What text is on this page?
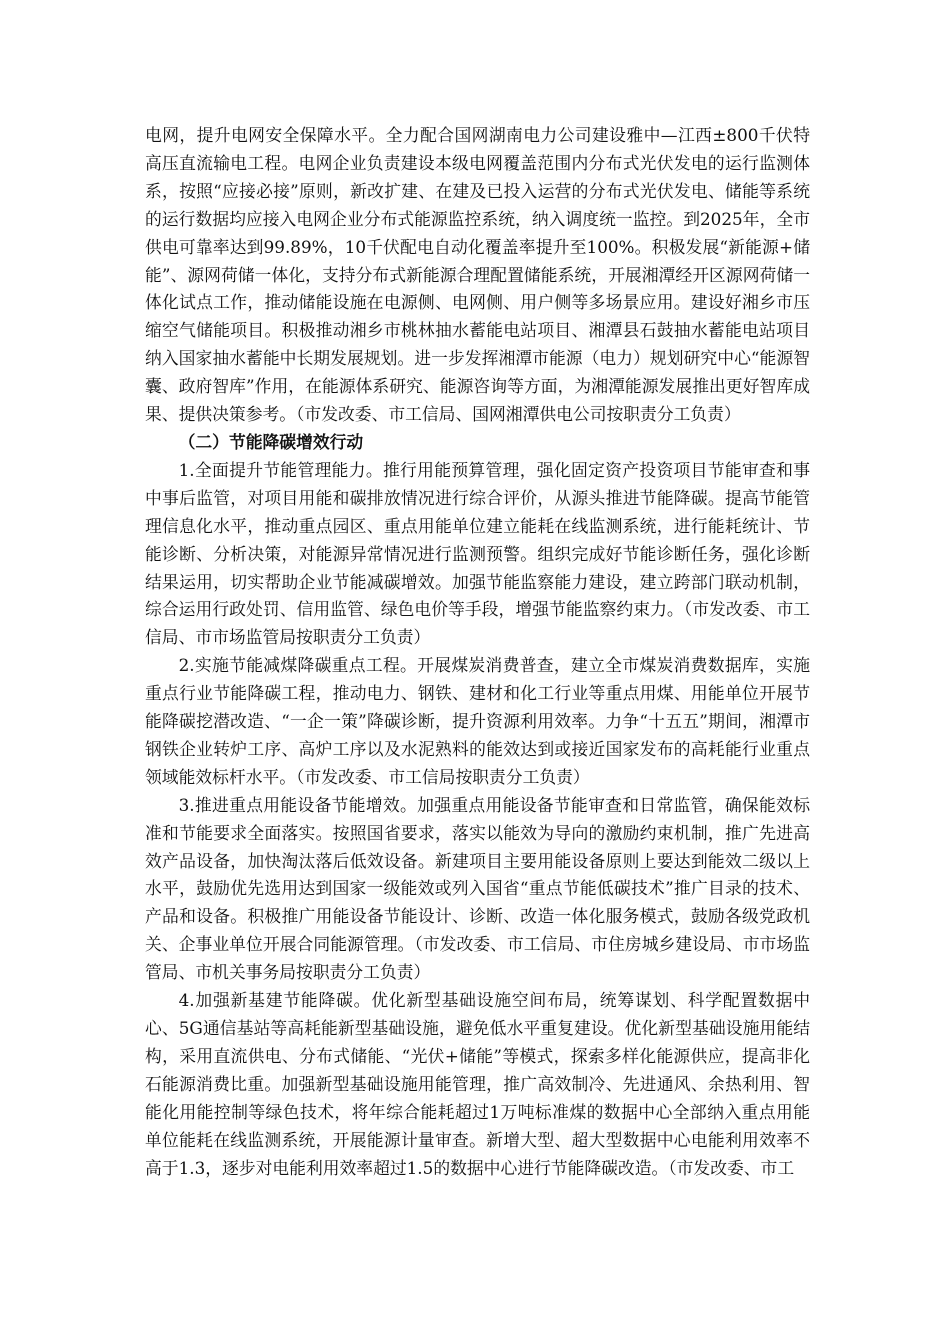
电网，提升电网安全保障水平。全力配合国网湖南电力公司建设雅中—江西±800千伏特高压直流输电工程。电网企业负责建设本级电网覆盖范围内分布式光伏发电的运行监测体系，按照“应接必接”原则，新改扩建、在建及已投入运营的分布式光伏发电、储能等系统的运行数据均应接入电网企业分布式能源监控系统，纳入调度统一监控。到2025年，全市供电可靠率达到99.89%，10千伏配电自动化覆盖率提升至100%。积极发展“新能源+储能”、源网荷储一体化，支持分布式新能源合理配置储能系统，开展湘潭经开区源网荷储一体化试点工作，推动储能设施在电源侧、电网侧、用户侧等多场景应用。建设好湘乡市压缩空气储能项目。积极推动湘乡市桃林抽水蓄能电站项目、湘潭县石鼓抽水蓄能电站项目纳入国家抽水蓄能中长期发展规划。进一步发挥湘潭市能源（电力）规划研究中心“能源智囊、政府智库”作用，在能源体系研究、能源咨询等方面，为湘潭能源发展推出更好智库成果、提供决策参考。（市发改委、市工信局、国网湘潭供电公司按职责分工负责）

（二）节能降碳增效行动

1.全面提升节能管理能力。推行用能预算管理，强化固定资产投资项目节能审查和事中事后监管，对项目用能和碳排放情况进行综合评价，从源头推进节能降碳。提高节能管理信息化水平，推动重点园区、重点用能单位建立能耗在线监测系统，进行能耗统计、节能诊断、分析决策，对能源异常情况进行监测预警。组织完成好节能诊断任务，强化诊断结果运用，切实帮助企业节能减碳增效。加强节能监察能力建设，建立跨部门联动机制，综合运用行政处罚、信用监管、绿色电价等手段，增强节能监察约束力。（市发改委、市工信局、市市场监管局按职责分工负责）

2.实施节能减煤降碳重点工程。开展煤炭消费普查，建立全市煤炭消费数据库，实施重点行业节能降碳工程，推动电力、钢铁、建材和化工行业等重点用煤、用能单位开展节能降碳挖潜改造、“一企一策”降碳诊断，提升资源利用效率。力争“十五五”期间，湘潭市钢铁企业转炉工序、高炉工序以及水泥熟料的能效达到或接近国家发布的高耗能行业重点领域能效标杆水平。（市发改委、市工信局按职责分工负责）

3.推进重点用能设备节能增效。加强重点用能设备节能审查和日常监管，确保能效标准和节能要求全面落实。按照国省要求，落实以能效为导向的激励约束机制，推广先进高效产品设备，加快淘汰落后低效设备。新建项目主要用能设备原则上要达到能效二级以上水平，鼓励优先选用达到国家一级能效或列入国省“重点节能低碳技术”推广目录的技术、产品和设备。积极推广用能设备节能设计、诊断、改造一体化服务模式，鼓励各级党政机关、企事业单位开展合同能源管理。（市发改委、市工信局、市住房城乡建设局、市市场监管局、市机关事务局按职责分工负责）

4.加强新基建节能降碳。优化新型基础设施空间布局，统筹谋划、科学配置数据中心、5G通信基站等高耗能新型基础设施，避免低水平重复建设。优化新型基础设施用能结构，采用直流供电、分布式储能、“光伏+储能”等模式，探索多样化能源供应，提高非化石能源消费比重。加强新型基础设施用能管理，推广高效制冷、先进通风、余热利用、智能化用能控制等绿色技术，将年综合能耗超过1万吨标准煤的数据中心全部纳入重点用能单位能耗在线监测系统，开展能源计量审查。新增大型、超大型数据中心电能利用效率不高于1.3，逐步对电能利用效率超过1.5的数据中心进行节能降碳改造。（市发改委、市工
